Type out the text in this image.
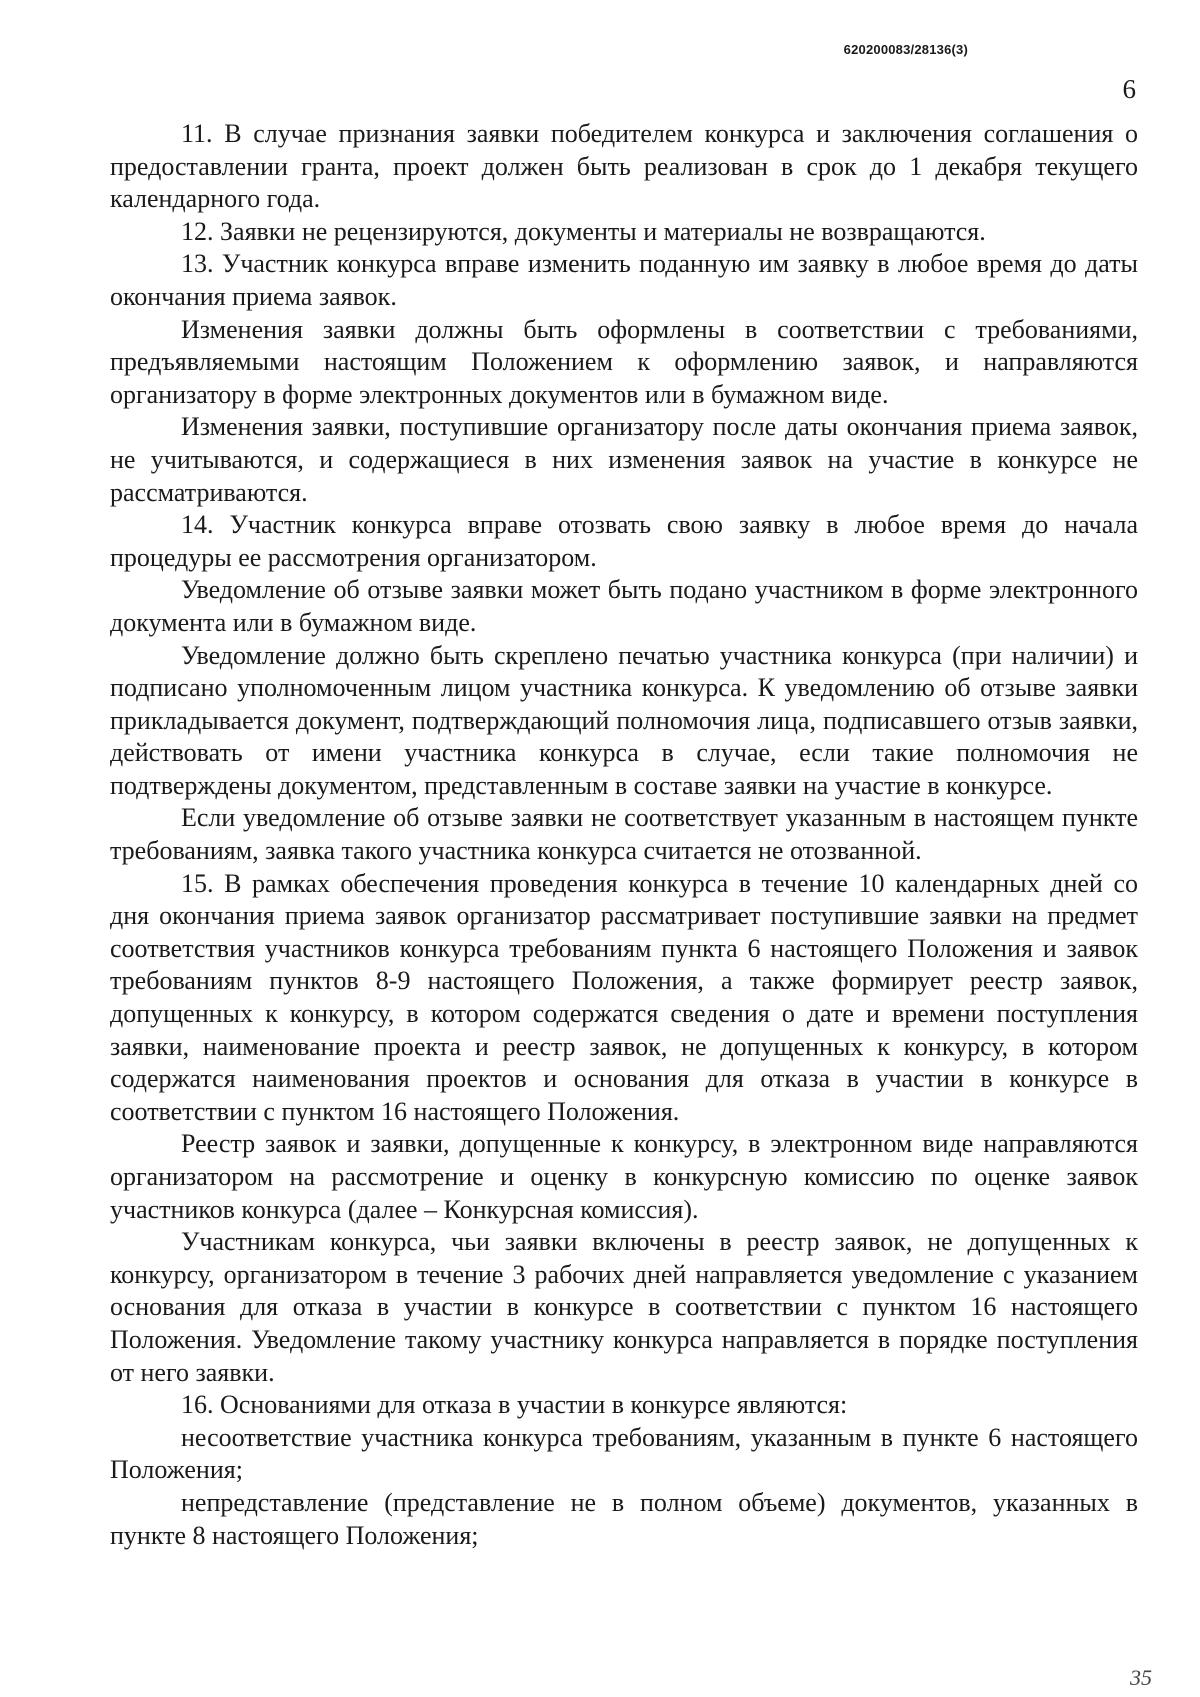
620200083/28136(3)
6

11. В случае признания заявки победителем конкурса и заключения соглашения о предоставлении гранта, проект должен быть реализован в срок до 1 декабря текущего календарного года.

12. Заявки не рецензируются, документы и материалы не возвращаются.

13. Участник конкурса вправе изменить поданную им заявку в любое время до даты окончания приема заявок.

Изменения заявки должны быть оформлены в соответствии с требованиями, предъявляемыми настоящим Положением к оформлению заявок, и направляются организатору в форме электронных документов или в бумажном виде.

Изменения заявки, поступившие организатору после даты окончания приема заявок, не учитываются, и содержащиеся в них изменения заявок на участие в конкурсе не рассматриваются.

14. Участник конкурса вправе отозвать свою заявку в любое время до начала процедуры ее рассмотрения организатором.

Уведомление об отзыве заявки может быть подано участником в форме электронного документа или в бумажном виде.

Уведомление должно быть скреплено печатью участника конкурса (при наличии) и подписано уполномоченным лицом участника конкурса. К уведомлению об отзыве заявки прикладывается документ, подтверждающий полномочия лица, подписавшего отзыв заявки, действовать от имени участника конкурса в случае, если такие полномочия не подтверждены документом, представленным в составе заявки на участие в конкурсе.

Если уведомление об отзыве заявки не соответствует указанным в настоящем пункте требованиям, заявка такого участника конкурса считается не отозванной.

15. В рамках обеспечения проведения конкурса в течение 10 календарных дней со дня окончания приема заявок организатор рассматривает поступившие заявки на предмет соответствия участников конкурса требованиям пункта 6 настоящего Положения и заявок требованиям пунктов 8-9 настоящего Положения, а также формирует реестр заявок, допущенных к конкурсу, в котором содержатся сведения о дате и времени поступления заявки, наименование проекта и реестр заявок, не допущенных к конкурсу, в котором содержатся наименования проектов и основания для отказа в участии в конкурсе в соответствии с пунктом 16 настоящего Положения.

Реестр заявок и заявки, допущенные к конкурсу, в электронном виде направляются организатором на рассмотрение и оценку в конкурсную комиссию по оценке заявок участников конкурса (далее – Конкурсная комиссия).

Участникам конкурса, чьи заявки включены в реестр заявок, не допущенных к конкурсу, организатором в течение 3 рабочих дней направляется уведомление с указанием основания для отказа в участии в конкурсе в соответствии с пунктом 16 настоящего Положения. Уведомление такому участнику конкурса направляется в порядке поступления от него заявки.

16. Основаниями для отказа в участии в конкурсе являются:

несоответствие участника конкурса требованиям, указанным в пункте 6 настоящего Положения;

непредставление (представление не в полном объеме) документов, указанных в пункте 8 настоящего Положения;

35
